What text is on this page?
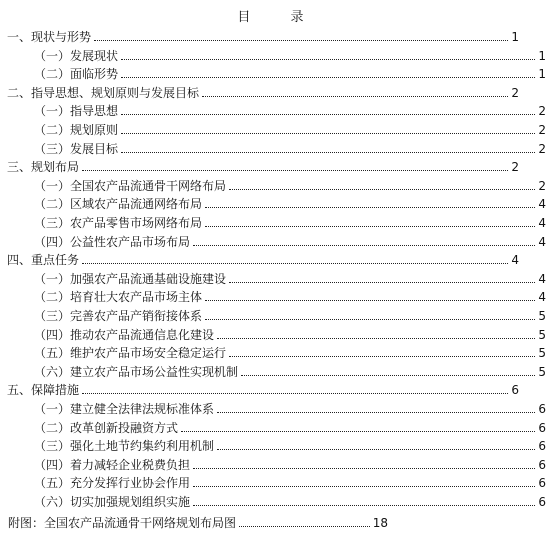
目 录
一、现状与形势	1
（一）发展现状	1
（二）面临形势	1
二、指导思想、规划原则与发展目标	2
（一）指导思想	2
（二）规划原则	2
（三）发展目标	2
三、规划布局	2
（一）全国农产品流通骨干网络布局	2
（二）区域农产品流通网络布局	4
（三）农产品零售市场网络布局	4
（四）公益性农产品市场布局	4
四、重点任务	4
（一）加强农产品流通基础设施建设	4
（二）培育壮大农产品市场主体	4
（三）完善农产品产销衔接体系	5
（四）推动农产品流通信息化建设	5
（五）维护农产品市场安全稳定运行	5
（六）建立农产品市场公益性实现机制	5
五、保障措施	6
（一）建立健全法律法规标准体系	6
（二）改革创新投融资方式	6
（三）强化土地节约集约利用机制	6
（四）着力减轻企业税费负担	6
（五）充分发挥行业协会作用	6
（六）切实加强规划组织实施	6
附图：全国农产品流通骨干网络规划布局图	18
